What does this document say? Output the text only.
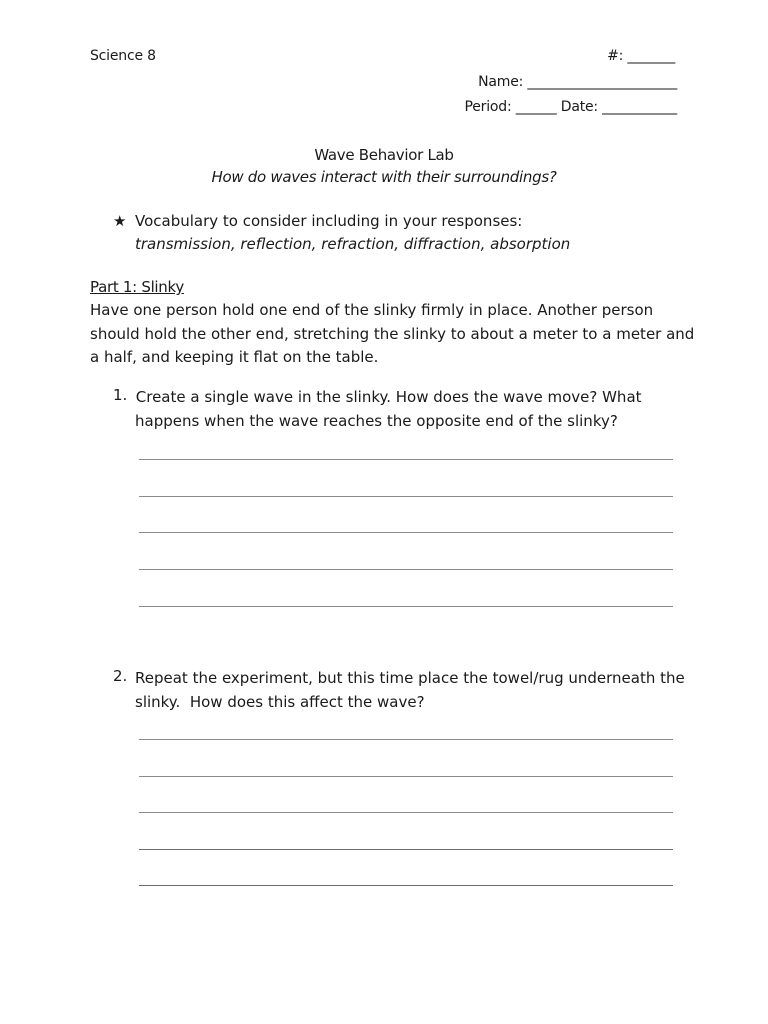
Science 8	#: _______
Name: ______________________
Period: ______ Date: ___________
Wave Behavior Lab
How do waves interact with their surroundings?
★ Vocabulary to consider including in your responses:
transmission, reflection, refraction, diffraction, absorption
Part 1: Slinky
Have one person hold one end of the slinky firmly in place. Another person
should hold the other end, stretching the slinky to about a meter to a meter and
a half, and keeping it flat on the table.
1. Create a single wave in the slinky. How does the wave move? What
happens when the wave reaches the opposite end of the slinky?
2. Repeat the experiment, but this time place the towel/rug underneath the
slinky.  How does this affect the wave?
